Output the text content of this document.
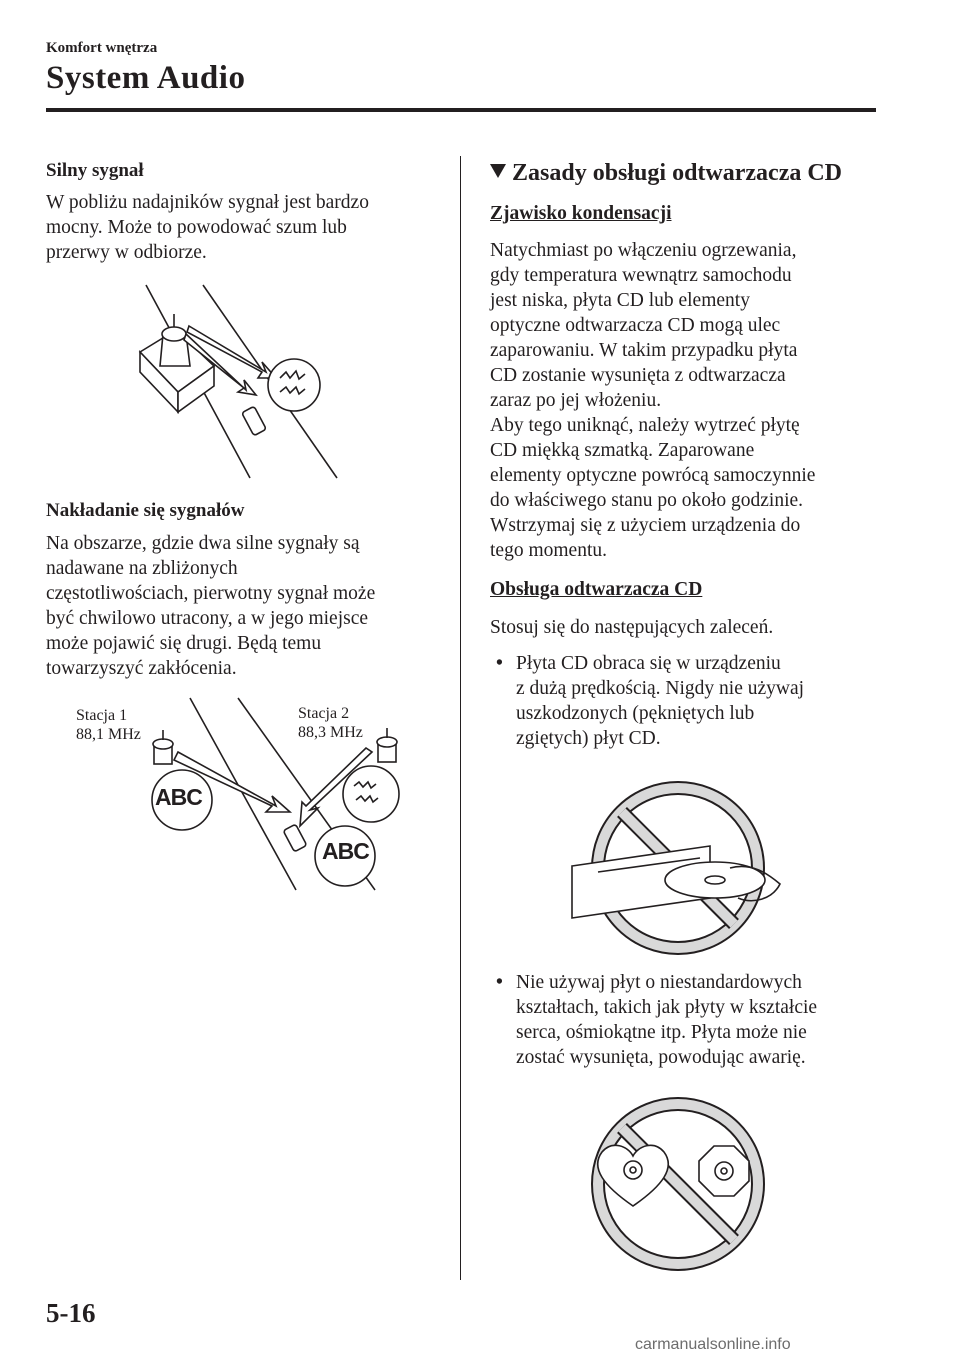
Komfort wnętrza
System Audio
Silny sygnał
W pobliżu nadajników sygnał jest bardzo
mocny. Może to powodować szum lub
przerwy w odbiorze.
Nakładanie się sygnałów
Na obszarze, gdzie dwa silne sygnały są
nadawane na zbliżonych
częstotliwościach, pierwotny sygnał może
być chwilowo utracony, a w jego miejsce
może pojawić się drugi. Będą temu
towarzyszyć zakłócenia.
Stacja 1
88,1 MHz
Stacja 2
88,3 MHz
ABC
ABC
Zasady obsługi odtwarzacza CD
Zjawisko kondensacji
Natychmiast po włączeniu ogrzewania,
gdy temperatura wewnątrz samochodu
jest niska, płyta CD lub elementy
optyczne odtwarzacza CD mogą ulec
zaparowaniu. W takim przypadku płyta
CD zostanie wysunięta z odtwarzacza
zaraz po jej włożeniu.
Aby tego uniknąć, należy wytrzeć płytę
CD miękką szmatką. Zaparowane
elementy optyczne powrócą samoczynnie
do właściwego stanu po około godzinie.
Wstrzymaj się z użyciem urządzenia do
tego momentu.
Obsługa odtwarzacza CD
Stosuj się do następujących zaleceń.
• Płyta CD obraca się w urządzeniu
z dużą prędkością. Nigdy nie używaj
uszkodzonych (pękniętych lub
zgiętych) płyt CD.
• Nie używaj płyt o niestandardowych
kształtach, takich jak płyty w kształcie
serca, ośmiokątne itp. Płyta może nie
zostać wysunięta, powodując awarię.
5-16
carmanualsonline.info
